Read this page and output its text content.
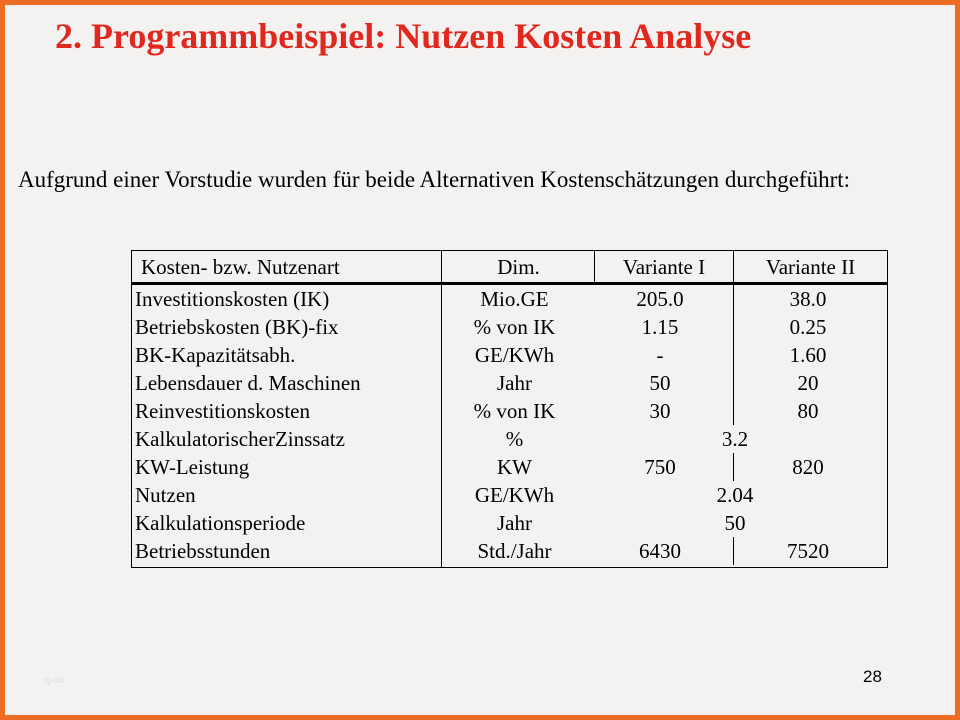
2. Programmbeispiel: Nutzen Kosten Analyse

Aufgrund einer Vorstudie wurden für beide Alternativen Kostenschätzungen durchgeführt:

Kosten- bzw. Nutzenart	Dim.	Variante I	Variante II
Investitionskosten (IK)	Mio.GE	205.0	38.0
Betriebskosten (BK)-fix	% von IK	1.15	0.25
BK-Kapazitätsabh.	GE/KWh	-	1.60
Lebensdauer d. Maschinen	Jahr	50	20
Reinvestitionskosten	% von IK	30	80
KalkulatorischerZinssatz	%	3.2
KW-Leistung	KW	750	820
Nutzen	GE/KWh	2.04
Kalkulationsperiode	Jahr	50
Betriebsstunden	Std./Jahr	6430	7520
rg-ab	28
